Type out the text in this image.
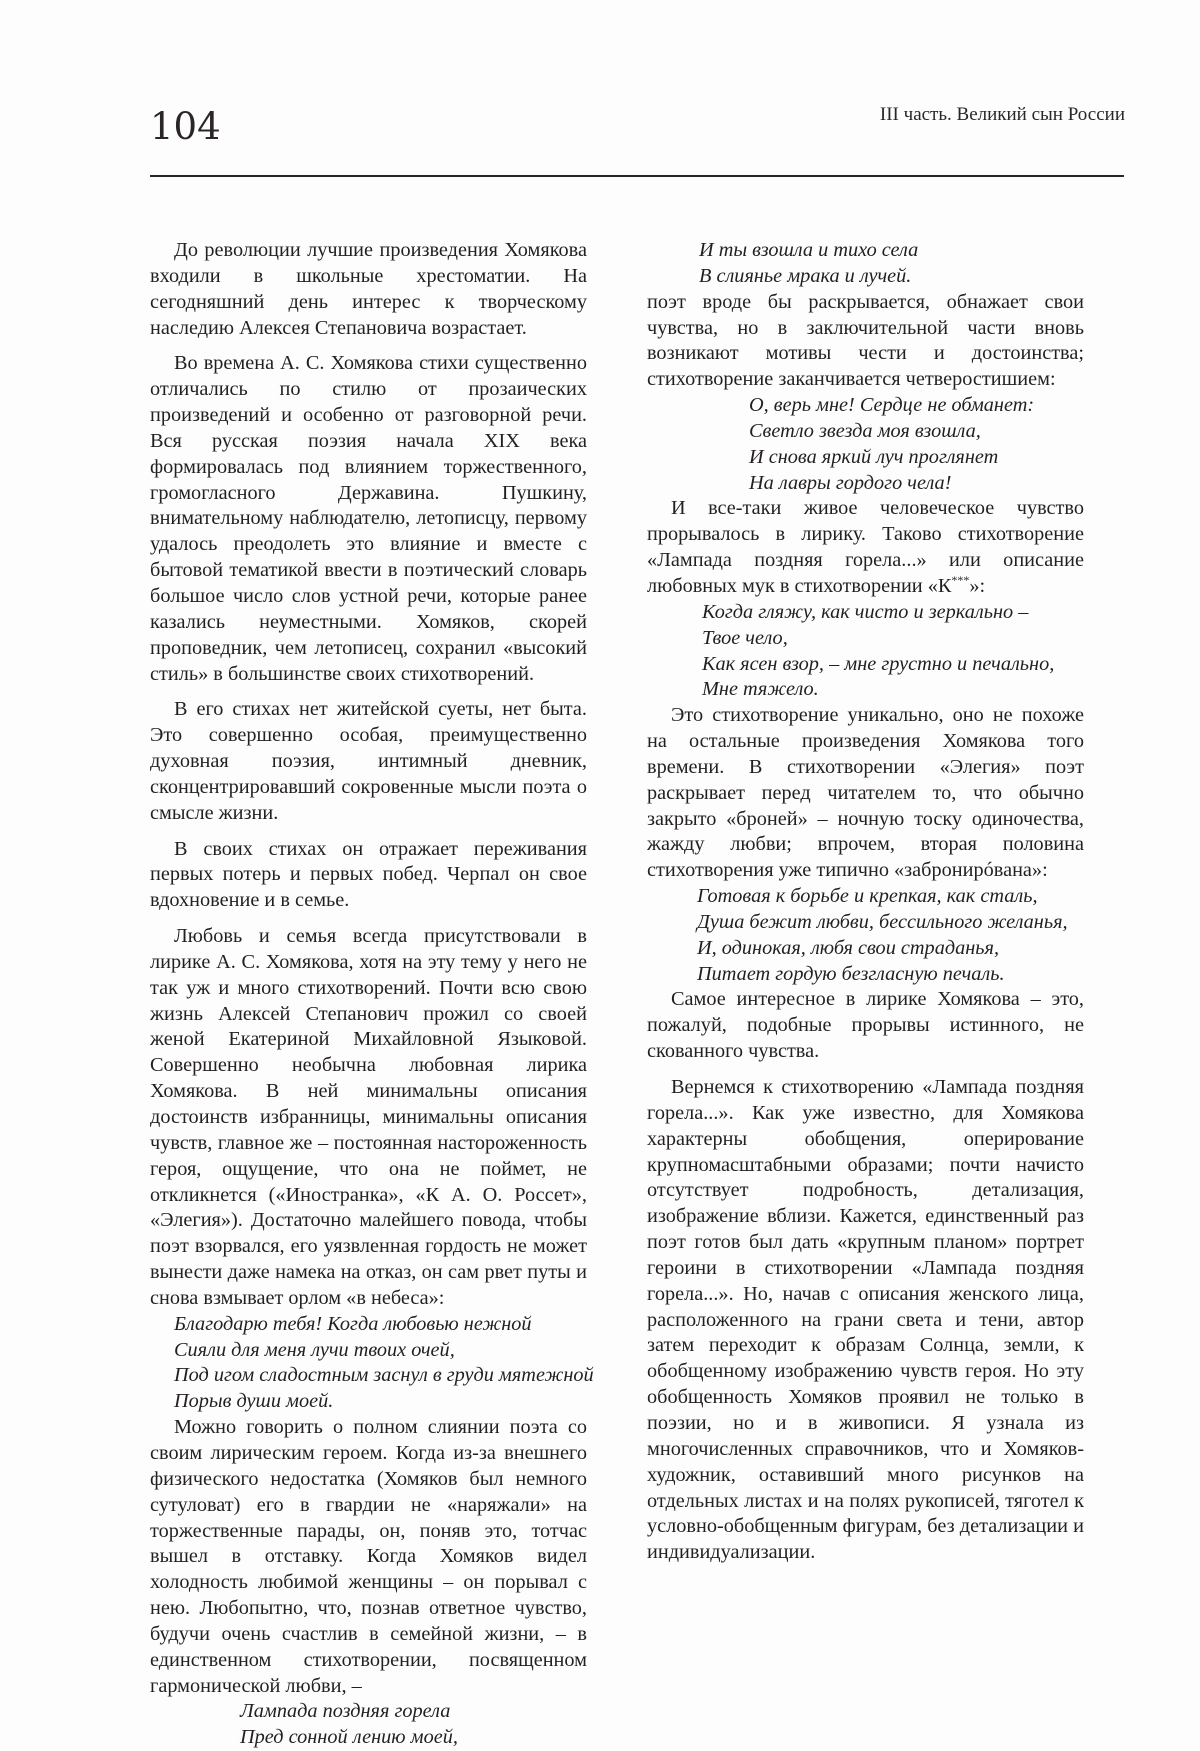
104	III часть. Великий сын России

До революции лучшие произведения Хомякова входили в школьные хрестоматии. На сегодняшний день интерес к творческому наследию Алексея Степановича возрастает.

Во времена А. С. Хомякова стихи существенно отличались по стилю от прозаических произведений и особенно от разговорной речи. Вся русская поэзия начала XIX века формировалась под влиянием торжественного, громогласного Державина. Пушкину, внимательному наблюдателю, летописцу, первому удалось преодолеть это влияние и вместе с бытовой тематикой ввести в поэтический словарь большое число слов устной речи, которые ранее казались неуместными. Хомяков, скорей проповедник, чем летописец, сохранил «высокий стиль» в большинстве своих стихотворений.

В его стихах нет житейской суеты, нет быта. Это совершенно особая, преимущественно духовная поэзия, интимный дневник, сконцентрировавший сокровенные мысли поэта о смысле жизни.

В своих стихах он отражает переживания первых потерь и первых побед. Черпал он свое вдохновение и в семье.

Любовь и семья всегда присутствовали в лирике А. С. Хомякова, хотя на эту тему у него не так уж и много стихотворений. Почти всю свою жизнь Алексей Степанович прожил со своей женой Екатериной Михайловной Языковой. Совершенно необычна любовная лирика Хомякова. В ней минимальны описания достоинств избранницы, минимальны описания чувств, главное же – постоянная настороженность героя, ощущение, что она не поймет, не откликнется («Иностранка», «К А. О. Россет», «Элегия»). Достаточно малейшего повода, чтобы поэт взорвался, его уязвленная гордость не может вынести даже намека на отказ, он сам рвет путы и снова взмывает орлом «в небеса»:

Благодарю тебя! Когда любовью нежной
Сияли для меня лучи твоих очей,
Под игом сладостным заснул в груди мятежной
Порыв души моей.

Можно говорить о полном слиянии поэта со своим лирическим героем. Когда из-за внешнего физического недостатка (Хомяков был немного сутуловат) его в гвардии не «наряжали» на торжественные парады, он, поняв это, тотчас вышел в отставку. Когда Хомяков видел холодность любимой женщины – он порывал с нею. Любопытно, что, познав ответное чувство, будучи очень счастлив в семейной жизни, – в единственном стихотворении, посвященном гармонической любви, –

Лампада поздняя горела
Пред сонной лению моей,
И ты взошла и тихо села
В слиянье мрака и лучей.

поэт вроде бы раскрывается, обнажает свои чувства, но в заключительной части вновь возникают мотивы чести и достоинства; стихотворение заканчивается четверостишием:

О, верь мне! Сердце не обманет:
Светло звезда моя взошла,
И снова яркий луч проглянет
На лавры гордого чела!

И все-таки живое человеческое чувство прорывалось в лирику. Таково стихотворение «Лампада поздняя горела...» или описание любовных мук в стихотворении «К***»:

Когда гляжу, как чисто и зеркально –
Твое чело,
Как ясен взор, – мне грустно и печально,
Мне тяжело.

Это стихотворение уникально, оно не похоже на остальные произведения Хомякова того времени. В стихотворении «Элегия» поэт раскрывает перед читателем то, что обычно закрыто «броней» – ночную тоску одиночества, жажду любви; впрочем, вторая половина стихотворения уже типично «забронирóвана»:

Готовая к борьбе и крепкая, как сталь,
Душа бежит любви, бессильного желанья,
И, одинокая, любя свои страданья,
Питает гордую безгласную печаль.

Самое интересное в лирике Хомякова – это, пожалуй, подобные прорывы истинного, не скованного чувства.

Вернемся к стихотворению «Лампада поздняя горела...». Как уже известно, для Хомякова характерны обобщения, оперирование крупномасштабными образами; почти начисто отсутствует подробность, детализация, изображение вблизи. Кажется, единственный раз поэт готов был дать «крупным планом» портрет героини в стихотворении «Лампада поздняя горела...». Но, начав с описания женского лица, расположенного на грани света и тени, автор затем переходит к образам Солнца, земли, к обобщенному изображению чувств героя. Но эту обобщенность Хомяков проявил не только в поэзии, но и в живописи. Я узнала из многочисленных справочников, что и Хомяков-художник, оставивший много рисунков на отдельных листах и на полях рукописей, тяготел к условно-обобщенным фигурам, без детализации и индивидуализации.
